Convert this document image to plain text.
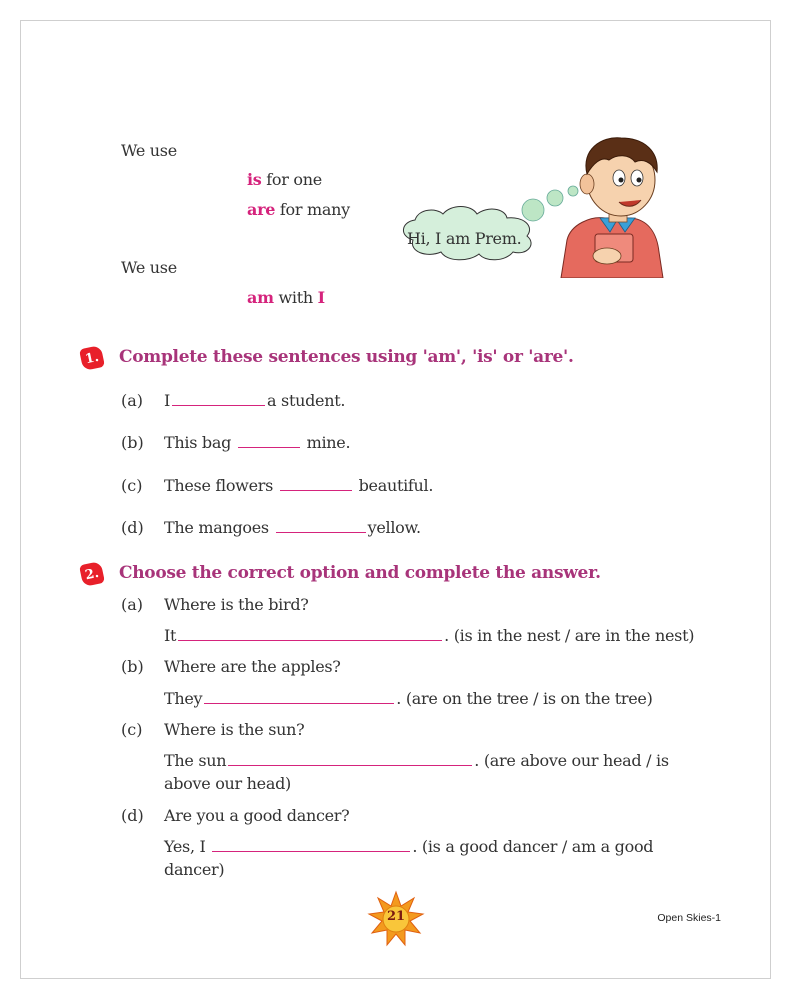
We use
is for one
are for many
We use
am with I
Hi, I am Prem.
1. Complete these sentences using 'am', 'is' or 'are'.
(a) I	a student.
(b) This bag	mine.
(c) These flowers	beautiful.
(d) The mangoes	yellow.
2. Choose the correct option and complete the answer.
(a) Where is the bird?
It	. (is in the nest / are in the nest)
(b) Where are the apples?
They	. (are on the tree / is on the tree)
(c) Where is the sun?
The sun	. (are above our head / is
above our head)
(d) Are you a good dancer?
Yes, I	. (is a good dancer / am a good
dancer)
21	Open Skies-1
